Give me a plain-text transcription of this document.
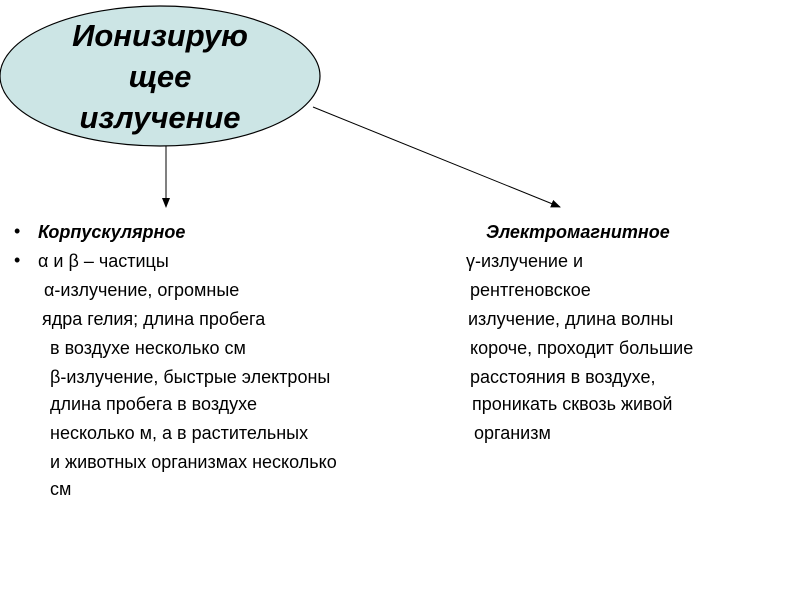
Ионизирую
щее
излучение
• Корпускулярное
• α и β – частицы
α-излучение, огромные
ядра гелия; длина пробега
в воздухе несколько см
β-излучение, быстрые электроны
длина пробега в воздухе
несколько м, а в растительных
и животных организмах несколько
см
Электромагнитное
γ-излучение и
рентгеновское
излучение, длина волны
короче, проходит большие
расстояния в воздухе,
проникать сквозь живой
организм
